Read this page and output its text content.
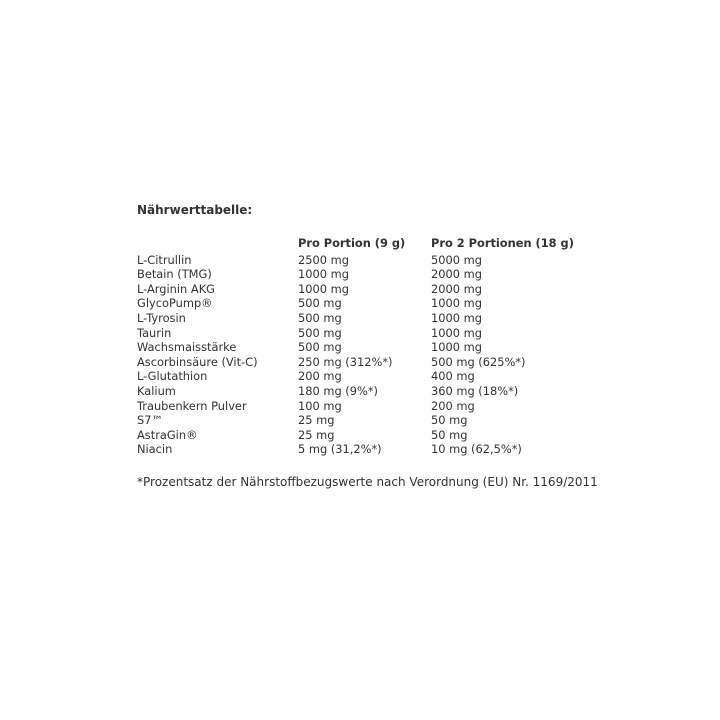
Nährwerttabelle:
	Pro Portion (9 g)	Pro 2 Portionen (18 g)
L-Citrullin	2500 mg	5000 mg
Betain (TMG)	1000 mg	2000 mg
L-Arginin AKG	1000 mg	2000 mg
GlycoPump®	500 mg	1000 mg
L-Tyrosin	500 mg	1000 mg
Taurin	500 mg	1000 mg
Wachsmaisstärke	500 mg	1000 mg
Ascorbinsäure (Vit-C)	250 mg (312%*)	500 mg (625%*)
L-Glutathion	200 mg	400 mg
Kalium	180 mg (9%*)	360 mg (18%*)
Traubenkern Pulver	100 mg	200 mg
S7™	25 mg	50 mg
AstraGin®	25 mg	50 mg
Niacin	5 mg (31,2%*)	10 mg (62,5%*)

*Prozentsatz der Nährstoffbezugswerte nach Verordnung (EU) Nr. 1169/2011
